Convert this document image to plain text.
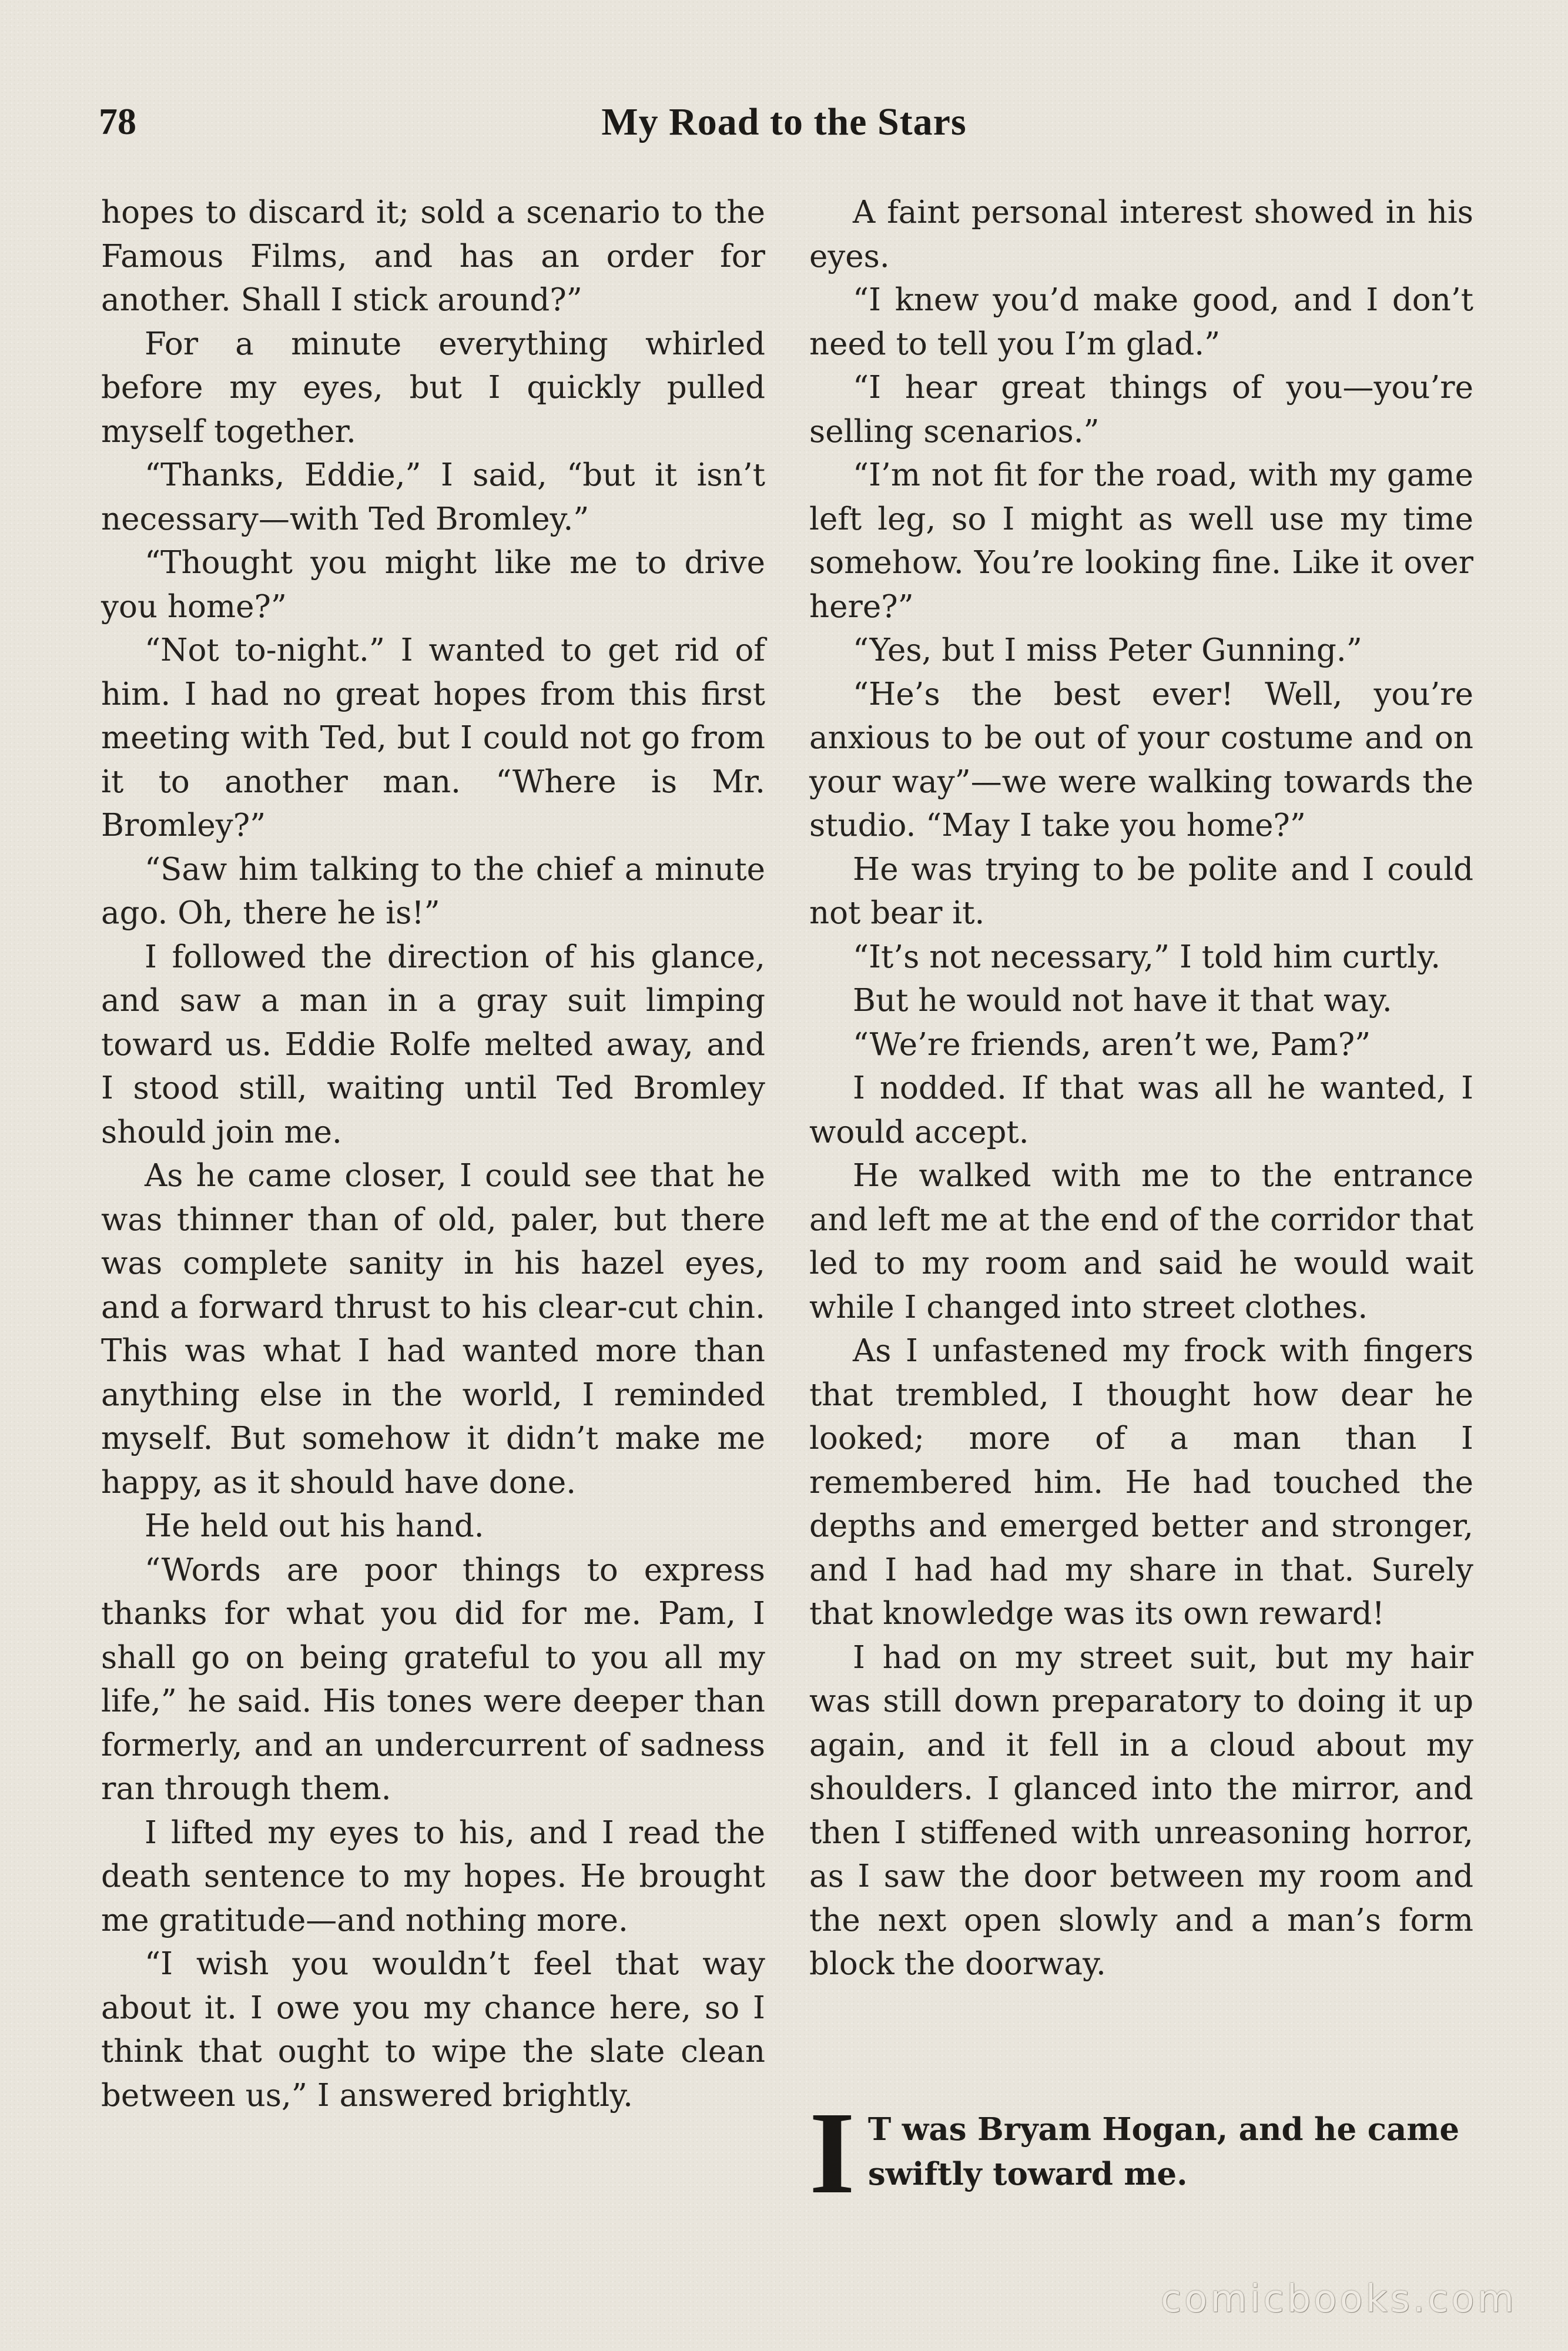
78	My Road to the Stars

hopes to discard it; sold a scenario to the Famous Films, and has an order for another. Shall I stick around?”

For a minute everything whirled before my eyes, but I quickly pulled myself together.

“Thanks, Eddie,” I said, “but it isn’t necessary—with Ted Bromley.”

“Thought you might like me to drive you home?”

“Not to-night.” I wanted to get rid of him. I had no great hopes from this first meeting with Ted, but I could not go from it to another man. “Where is Mr. Bromley?”

“Saw him talking to the chief a minute ago. Oh, there he is!”

I followed the direction of his glance, and saw a man in a gray suit limping toward us. Eddie Rolfe melted away, and I stood still, waiting until Ted Bromley should join me.

As he came closer, I could see that he was thinner than of old, paler, but there was complete sanity in his hazel eyes, and a forward thrust to his clear-cut chin. This was what I had wanted more than anything else in the world, I reminded myself. But somehow it didn’t make me happy, as it should have done.

He held out his hand.

“Words are poor things to express thanks for what you did for me. Pam, I shall go on being grateful to you all my life,” he said. His tones were deeper than formerly, and an undercurrent of sadness ran through them.

I lifted my eyes to his, and I read the death sentence to my hopes. He brought me gratitude—and nothing more.

“I wish you wouldn’t feel that way about it. I owe you my chance here, so I think that ought to wipe the slate clean between us,” I answered brightly.

A faint personal interest showed in his eyes.

“I knew you’d make good, and I don’t need to tell you I’m glad.”

“I hear great things of you—you’re selling scenarios.”

“I’m not fit for the road, with my game left leg, so I might as well use my time somehow. You’re looking fine. Like it over here?”

“Yes, but I miss Peter Gunning.”

“He’s the best ever! Well, you’re anxious to be out of your costume and on your way”—we were walking towards the studio. “May I take you home?”

He was trying to be polite and I could not bear it.

“It’s not necessary,” I told him curtly.

But he would not have it that way.

“We’re friends, aren’t we, Pam?”

I nodded. If that was all he wanted, I would accept.

He walked with me to the entrance and left me at the end of the corridor that led to my room and said he would wait while I changed into street clothes.

As I unfastened my frock with fingers that trembled, I thought how dear he looked; more of a man than I remembered him. He had touched the depths and emerged better and stronger, and I had had my share in that. Surely that knowledge was its own reward!

I had on my street suit, but my hair was still down preparatory to doing it up again, and it fell in a cloud about my shoulders. I glanced into the mirror, and then I stiffened with unreasoning horror, as I saw the door between my room and the next open slowly and a man’s form block the doorway.

I T was Bryam Hogan, and he came
swiftly toward me.
comicbooks.com
